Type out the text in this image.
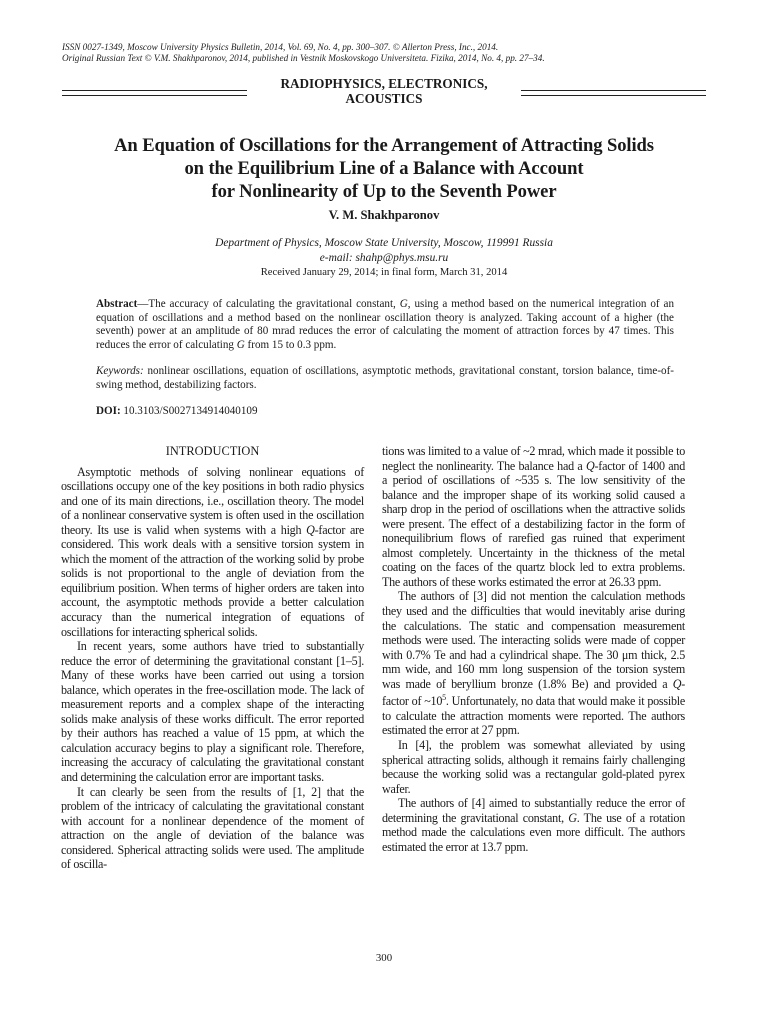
ISSN 0027-1349, Moscow University Physics Bulletin, 2014, Vol. 69, No. 4, pp. 300–307. © Allerton Press, Inc., 2014.
Original Russian Text © V.M. Shakhparonov, 2014, published in Vestnik Moskovskogo Universiteta. Fizika, 2014, No. 4, pp. 27–34.
RADIOPHYSICS, ELECTRONICS,
ACOUSTICS
An Equation of Oscillations for the Arrangement of Attracting Solids
on the Equilibrium Line of a Balance with Account
for Nonlinearity of Up to the Seventh Power
V. M. Shakhparonov
Department of Physics, Moscow State University, Moscow, 119991 Russia
e-mail: shahp@phys.msu.ru
Received January 29, 2014; in final form, March 31, 2014
Abstract—The accuracy of calculating the gravitational constant, G, using a method based on the numerical integration of an equation of oscillations and a method based on the nonlinear oscillation theory is analyzed. Taking account of a higher (the seventh) power at an amplitude of 80 mrad reduces the error of calculating the moment of attraction forces by 47 times. This reduces the error of calculating G from 15 to 0.3 ppm.
Keywords: nonlinear oscillations, equation of oscillations, asymptotic methods, gravitational constant, torsion balance, time-of-swing method, destabilizing factors.
DOI: 10.3103/S0027134914040109
INTRODUCTION

Asymptotic methods of solving nonlinear equations of oscillations occupy one of the key positions in both radio physics and one of its main directions, i.e., oscillation theory. The model of a nonlinear conservative system is often used in the oscillation theory. Its use is valid when systems with a high Q-factor are considered. This work deals with a sensitive torsion system in which the moment of the attraction of the working solid by probe solids is not proportional to the angle of deviation from the equilibrium position. When terms of higher orders are taken into account, the asymptotic methods provide a better calculation accuracy than the numerical integration of equations of oscillations for interacting spherical solids.

In recent years, some authors have tried to substantially reduce the error of determining the gravitational constant [1–5]. Many of these works have been carried out using a torsion balance, which operates in the free-oscillation mode. The lack of measurement reports and a complex shape of the interacting solids make analysis of these works difficult. The error reported by their authors has reached a value of 15 ppm, at which the calculation accuracy begins to play a significant role. Therefore, increasing the accuracy of calculating the gravitational constant and determining the calculation error are important tasks.

It can clearly be seen from the results of [1, 2] that the problem of the intricacy of calculating the gravitational constant with account for a nonlinear dependence of the moment of attraction on the angle of deviation of the balance was considered. Spherical attracting solids were used. The amplitude of oscilla-

tions was limited to a value of ~2 mrad, which made it possible to neglect the nonlinearity. The balance had a Q-factor of 1400 and a period of oscillations of ~535 s. The low sensitivity of the balance and the improper shape of its working solid caused a sharp drop in the period of oscillations when the attractive solids were present. The effect of a destabilizing factor in the form of nonequilibrium flows of rarefied gas ruined that experiment almost completely. Uncertainty in the thickness of the metal coating on the faces of the quartz block led to extra problems. The authors of these works estimated the error at 26.33 ppm.

The authors of [3] did not mention the calculation methods they used and the difficulties that would inevitably arise during the calculations. The static and compensation measurement methods were used. The interacting solids were made of copper with 0.7% Te and had a cylindrical shape. The 30 μm thick, 2.5 mm wide, and 160 mm long suspension of the torsion system was made of beryllium bronze (1.8% Be) and provided a Q-factor of $\sim 10^5$. Unfortunately, no data that would make it possible to calculate the attraction moments were reported. The authors estimated the error at 27 ppm.

In [4], the problem was somewhat alleviated by using spherical attracting solids, although it remains fairly challenging because the working solid was a rectangular gold-plated pyrex wafer.

The authors of [4] aimed to substantially reduce the error of determining the gravitational constant, G. The use of a rotation method made the calculations even more difficult. The authors estimated the error at 13.7 ppm.

300
